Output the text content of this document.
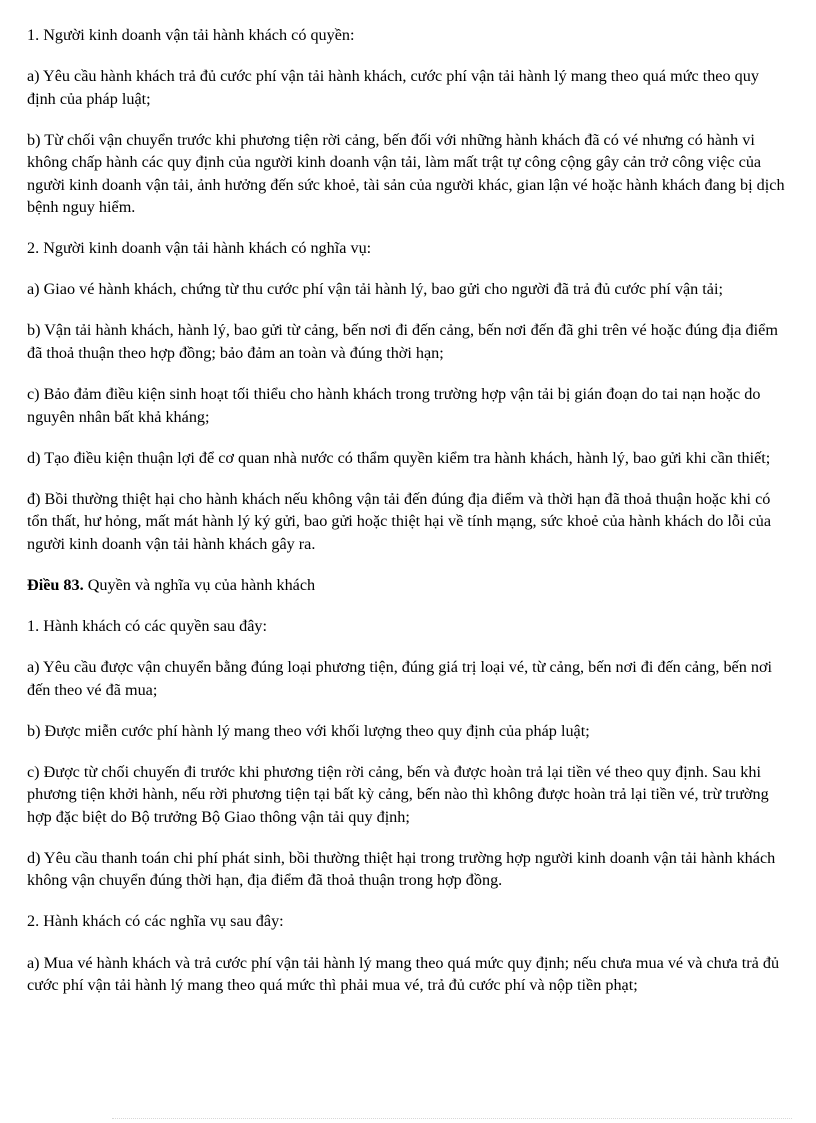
1. Người kinh doanh vận tải hành khách có quyền:

a) Yêu cầu hành khách trả đủ cước phí vận tải hành khách, cước phí vận tải hành lý mang theo quá mức theo quy định của pháp luật;

b) Từ chối vận chuyển trước khi phương tiện rời cảng, bến đối với những hành khách đã có vé nhưng có hành vi không chấp hành các quy định của người kinh doanh vận tải, làm mất trật tự công cộng gây cản trở công việc của người kinh doanh vận tải, ảnh hưởng đến sức khoẻ, tài sản của người khác, gian lận vé hoặc hành khách đang bị dịch bệnh nguy hiểm.

2. Người kinh doanh vận tải hành khách có nghĩa vụ:

a) Giao vé hành khách, chứng từ thu cước phí vận tải hành lý, bao gửi cho người đã trả đủ cước phí vận tải;

b) Vận tải hành khách, hành lý, bao gửi từ cảng, bến nơi đi đến cảng, bến nơi đến đã ghi trên vé hoặc đúng địa điểm đã thoả thuận theo hợp đồng; bảo đảm an toàn và đúng thời hạn;

c) Bảo đảm điều kiện sinh hoạt tối thiểu cho hành khách trong trường hợp vận tải bị gián đoạn do tai nạn hoặc do nguyên nhân bất khả kháng;

d) Tạo điều kiện thuận lợi để cơ quan nhà nước có thẩm quyền kiểm tra hành khách, hành lý, bao gửi khi cần thiết;

đ) Bồi thường thiệt hại cho hành khách nếu không vận tải đến đúng địa điểm và thời hạn đã thoả thuận hoặc khi có tổn thất, hư hỏng, mất mát hành lý ký gửi, bao gửi hoặc thiệt hại về tính mạng, sức khoẻ của hành khách do lỗi của người kinh doanh vận tải hành khách gây ra.

Điều 83. Quyền và nghĩa vụ của hành khách

1. Hành khách có các quyền sau đây:

a) Yêu cầu được vận chuyển bằng đúng loại phương tiện, đúng giá trị loại vé, từ cảng, bến nơi đi đến cảng, bến nơi đến theo vé đã mua;

b) Được miễn cước phí hành lý mang theo với khối lượng theo quy định của pháp luật;

c) Được từ chối chuyến đi trước khi phương tiện rời cảng, bến và được hoàn trả lại tiền vé theo quy định. Sau khi phương tiện khởi hành, nếu rời phương tiện tại bất kỳ cảng, bến nào thì không được hoàn trả lại tiền vé, trừ trường hợp đặc biệt do Bộ trưởng Bộ Giao thông vận tải quy định;

d) Yêu cầu thanh toán chi phí phát sinh, bồi thường thiệt hại trong trường hợp người kinh doanh vận tải hành khách không vận chuyển đúng thời hạn, địa điểm đã thoả thuận trong hợp đồng.

2. Hành khách có các nghĩa vụ sau đây:

a) Mua vé hành khách và trả cước phí vận tải hành lý mang theo quá mức quy định; nếu chưa mua vé và chưa trả đủ cước phí vận tải hành lý mang theo quá mức thì phải mua vé, trả đủ cước phí và nộp tiền phạt;
